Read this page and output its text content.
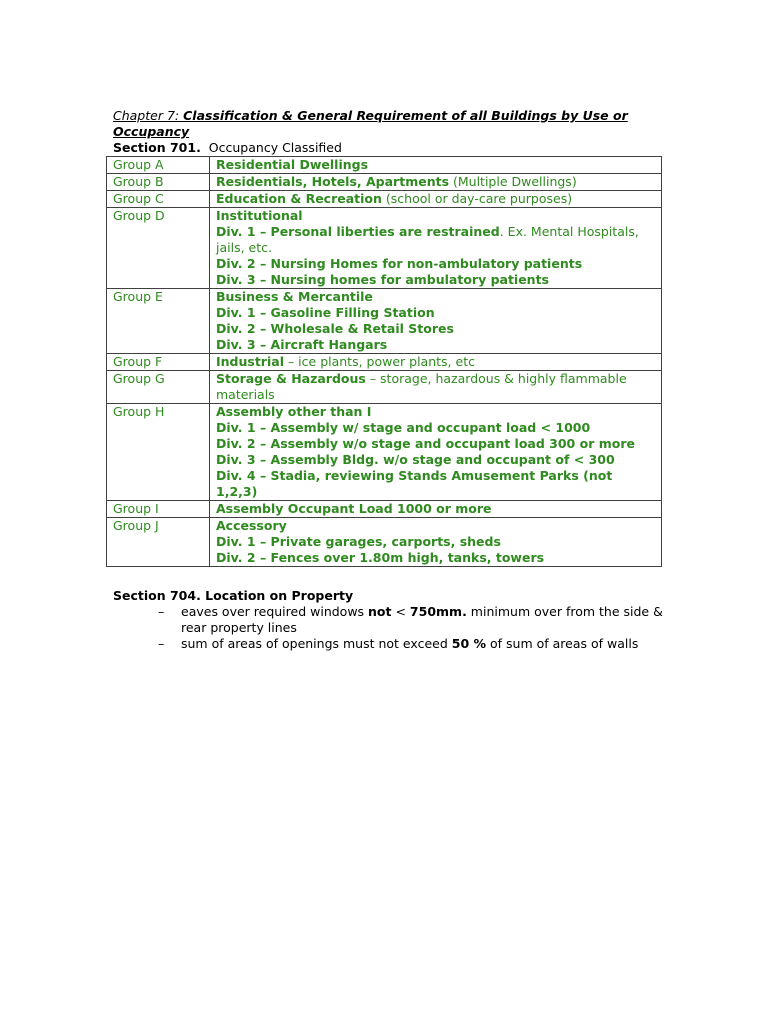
Chapter 7: Classification & General Requirement of all Buildings by Use or Occupancy
Section 701. Occupancy Classified
Group A	Residential Dwellings

Group B	Residentials, Hotels, Apartments (Multiple Dwellings)

Group C	Education & Recreation (school or day-care purposes)

Group D	Institutional
Div. 1 – Personal liberties are restrained. Ex. Mental Hospitals, jails, etc.
Div. 2 – Nursing Homes for non-ambulatory patients
Div. 3 – Nursing homes for ambulatory patients

Group E	Business & Mercantile
Div. 1 – Gasoline Filling Station
Div. 2 – Wholesale & Retail Stores
Div. 3 – Aircraft Hangars

Group F	Industrial – ice plants, power plants, etc

Group G	Storage & Hazardous – storage, hazardous & highly flammable materials

Group H	Assembly other than I
Div. 1 – Assembly w/ stage and occupant load < 1000
Div. 2 – Assembly w/o stage and occupant load 300 or more
Div. 3 – Assembly Bldg. w/o stage and occupant of < 300
Div. 4 – Stadia, reviewing Stands Amusement Parks (not 1,2,3)

Group I	Assembly Occupant Load 1000 or more

Group J	Accessory
Div. 1 – Private garages, carports, sheds
Div. 2 – Fences over 1.80m high, tanks, towers
Section 704. Location on Property
– eaves over required windows not < 750mm. minimum over from the side & rear property lines
– sum of areas of openings must not exceed 50 % of sum of areas of walls
